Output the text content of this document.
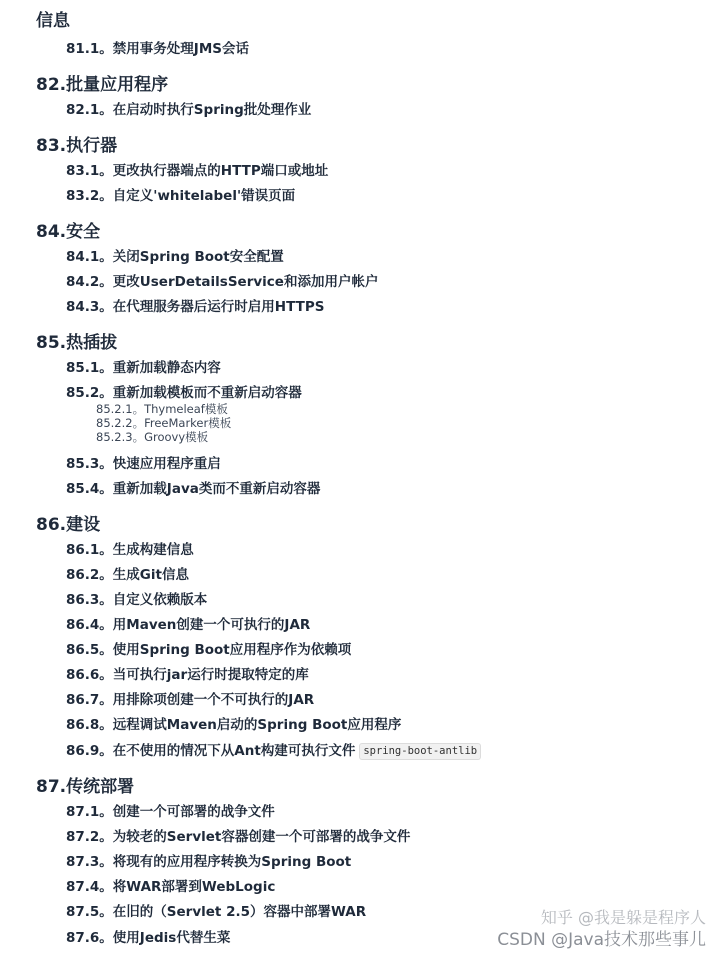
信息
81.1。禁用事务处理JMS会话
82.批量应用程序
82.1。在启动时执行Spring批处理作业
83.执行器
83.1。更改执行器端点的HTTP端口或地址
83.2。自定义'whitelabel'错误页面
84.安全
84.1。关闭Spring Boot安全配置
84.2。更改UserDetailsService和添加用户帐户
84.3。在代理服务器后运行时启用HTTPS
85.热插拔
85.1。重新加载静态内容
85.2。重新加载模板而不重新启动容器
85.2.1。Thymeleaf模板
85.2.2。FreeMarker模板
85.2.3。Groovy模板
85.3。快速应用程序重启
85.4。重新加载Java类而不重新启动容器
86.建设
86.1。生成构建信息
86.2。生成Git信息
86.3。自定义依赖版本
86.4。用Maven创建一个可执行的JAR
86.5。使用Spring Boot应用程序作为依赖项
86.6。当可执行jar运行时提取特定的库
86.7。用排除项创建一个不可执行的JAR
86.8。远程调试Maven启动的Spring Boot应用程序
86.9。在不使用的情况下从Ant构建可执行文件 spring-boot-antlib
87.传统部署
87.1。创建一个可部署的战争文件
87.2。为较老的Servlet容器创建一个可部署的战争文件
87.3。将现有的应用程序转换为Spring Boot
87.4。将WAR部署到WebLogic
87.5。在旧的（Servlet 2.5）容器中部署WAR
87.6。使用Jedis代替生菜
知乎 @我是躲是程序人
CSDN @Java技术那些事儿
